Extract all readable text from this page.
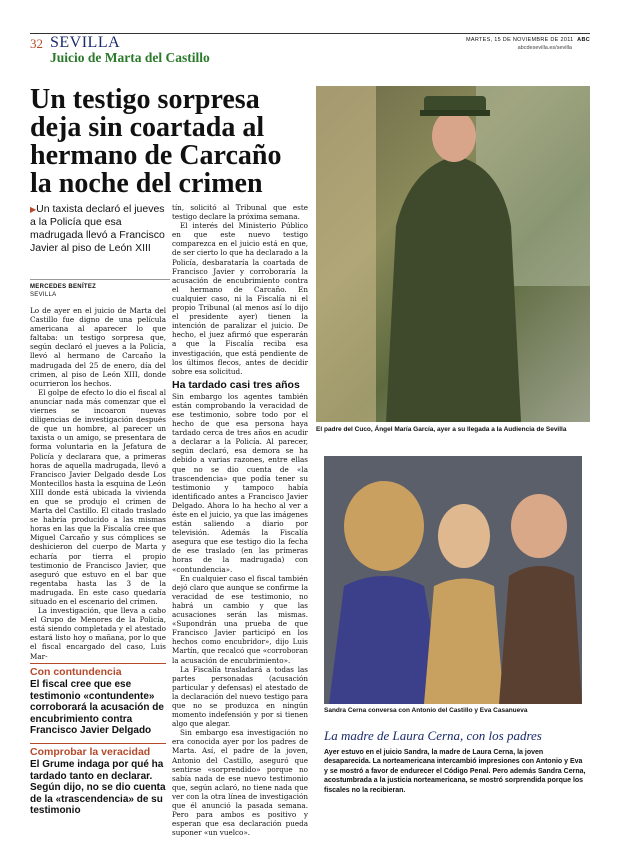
32 SEVILLA
Juicio de Marta del Castillo
MARTES, 15 DE NOVIEMBRE DE 2011 ABC
abcdesevilla.es/sevilla
Un testigo sorpresa deja sin coartada al hermano de Carcaño la noche del crimen
▶Un taxista declaró el jueves a la Policía que esa madrugada llevó a Francisco Javier al piso de León XIII
MERCEDES BENÍTEZ
SEVILLA

Lo de ayer en el juicio de Marta del Castillo fue digno de una película americana al aparecer lo que faltaba: un testigo sorpresa que, según declaró el jueves a la Policía, llevó al hermano de Carcaño la madrugada del 25 de enero, día del crimen, al piso de León XIII, donde ocurrieron los hechos.

El golpe de efecto lo dio el fiscal al anunciar nada más comenzar que el viernes se incoaron nuevas diligencias de investigación después de que un hombre, al parecer un taxista o un amigo, se presentara de forma voluntaria en la Jefatura de Policía y declarara que, a primeras horas de aquella madrugada, llevó a Francisco Javier Delgado desde Los Montecillos hasta la esquina de León XIII donde está ubicada la vivienda en que se produjo el crimen de Marta del Castillo. El citado traslado se habría producido a las mismas horas en las que la Fiscalía cree que Miguel Carcaño y sus cómplices se deshicieron del cuerpo de Marta y echaría por tierra el propio testimonio de Francisco Javier, que aseguró que estuvo en el bar que regentaba hasta las 3 de la madrugada. En este caso quedaría situado en el escenario del crimen.

La investigación, que lleva a cabo el Grupo de Menores de la Policía, está siendo completada y el atestado estará listo hoy o mañana, por lo que el fiscal encargado del caso, Luis Mar-

Con contundencia
El fiscal cree que ese testimonio «contundente» corroborará la acusación de encubrimiento contra Francisco Javier Delgado
Comprobar la veracidad
El Grume indaga por qué ha tardado tanto en declarar. Según dijo, no se dio cuenta de la «trascendencia» de su testimonio

tín, solicitó al Tribunal que este testigo declare la próxima semana.

El interés del Ministerio Público en que este nuevo testigo comparezca en el juicio está en que, de ser cierto lo que ha declarado a la Policía, desbarataría la coartada de Francisco Javier y corroboraría la acusación de encubrimiento contra el hermano de Carcaño. En cualquier caso, ni la Fiscalía ni el propio Tribunal (al menos así lo dijo el presidente ayer) tienen la intención de paralizar el juicio. De hecho, el juez afirmó que esperarán a que la Fiscalía reciba esa investigación, que está pendiente de los últimos flecos, antes de decidir sobre esa solicitud.

Ha tardado casi tres años

Sin embargo los agentes también están comprobando la veracidad de ese testimonio, sobre todo por el hecho de que esa persona haya tardado cerca de tres años en acudir a declarar a la Policía. Al parecer, según declaró, esa demora se ha debido a varias razones, entre ellas que no se dio cuenta de «la trascendencia» que podía tener su testimonio y tampoco había identificado antes a Francisco Javier Delgado. Ahora lo ha hecho al ver a éste en el juicio, ya que las imágenes están saliendo a diario por televisión. Además la Fiscalía asegura que ese testigo dio la fecha de ese traslado (en las primeras horas de la madrugada) con «contundencia».

En cualquier caso el fiscal también dejó claro que aunque se confirme la veracidad de ese testimonio, no habrá un cambio y que las acusaciones serán las mismas. «Supondrán una prueba de que Francisco Javier participó en los hechos como encubridor», dijo Luis Martín, que recalcó que «corroboran la acusación de encubrimiento».

La Fiscalía trasladará a todas las partes personadas (acusación particular y defensas) el atestado de la declaración del nuevo testigo para que no se produzca en ningún momento indefensión y por si tienen algo que alegar.

Sin embargo esa investigación no era conocida ayer por los padres de Marta. Así, el padre de la joven, Antonio del Castillo, aseguró que sentirse «sorprendido» porque no sabía nada de ese nuevo testimonio que, según aclaró, no tiene nada que ver con la otra línea de investigación que él anunció la pasada semana. Pero para ambos es positivo y esperan que esa declaración pueda suponer «un vuelco».

El padre del Cuco, Ángel María García, ayer a su llegada a la Audiencia de Sevilla
Sandra Cerna conversa con Antonio del Castillo y Eva Casanueva
La madre de Laura Cerna, con los padres
Ayer estuvo en el juicio Sandra, la madre de Laura Cerna, la joven desaparecida. La norteamericana intercambió impresiones con Antonio y Eva y se mostró a favor de endurecer el Código Penal. Pero además Sandra Cerna, acostumbrada a la justicia norteamericana, se mostró sorprendida porque los fiscales no la recibieran.
